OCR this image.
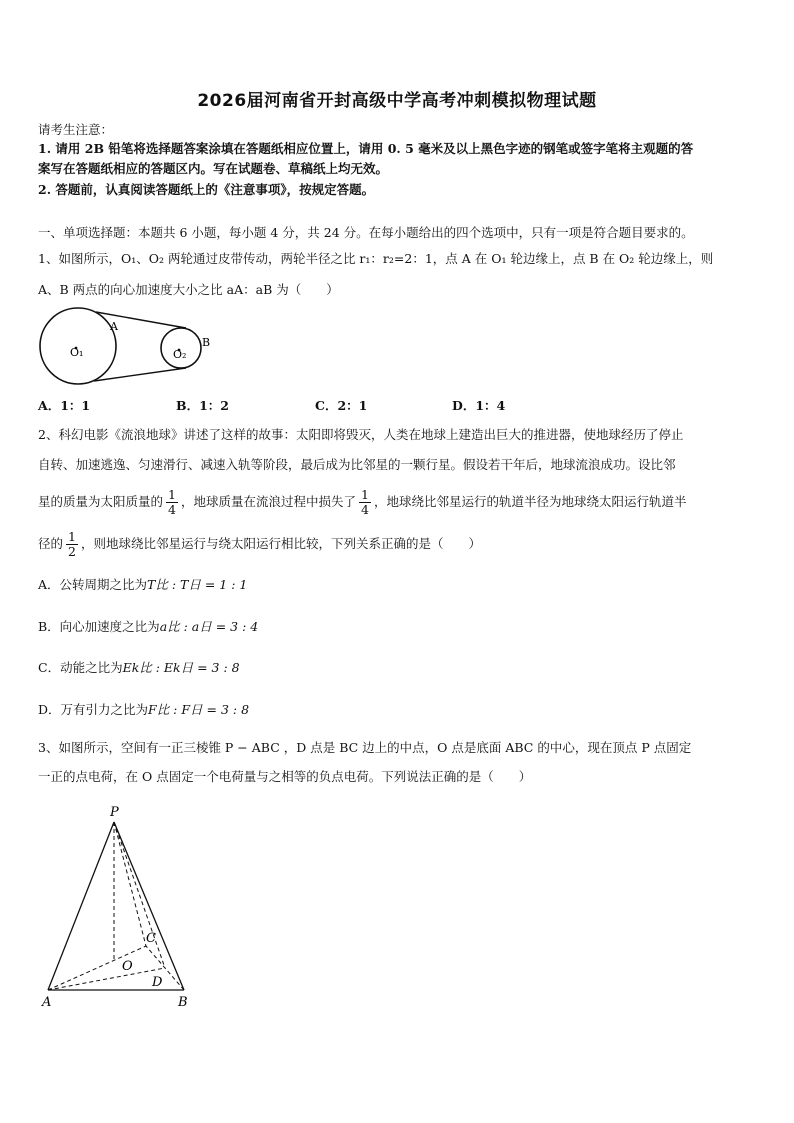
2026届河南省开封高级中学高考冲刺模拟物理试题
请考生注意：
1. 请用 2B 铅笔将选择题答案涂填在答题纸相应位置上，请用 0. 5 毫米及以上黑色字迹的钢笔或签字笔将主观题的答
案写在答题纸相应的答题区内。写在试题卷、草稿纸上均无效。
2. 答题前，认真阅读答题纸上的《注意事项》，按规定答题。
一、单项选择题：本题共 6 小题，每小题 4 分，共 24 分。在每小题给出的四个选项中，只有一项是符合题目要求的。
1、如图所示，O₁、O₂ 两轮通过皮带传动，两轮半径之比 r₁：r₂=2：1，点 A 在 O₁ 轮边缘上，点 B 在 O₂ 轮边缘上，则
A、B 两点的向心加速度大小之比 aA：aB 为（　　）
O₁	O₂
A
B
A．1：1	B．1：2	C．2：1	D．1：4
2、科幻电影《流浪地球》讲述了这样的故事：太阳即将毁灭，人类在地球上建造出巨大的推进器，使地球经历了停止
自转、加速逃逸、匀速滑行、减速入轨等阶段，最后成为比邻星的一颗行星。假设若干年后，地球流浪成功。设比邻
星的质量为太阳质量的 $\frac{1}{4}$ ，地球质量在流浪过程中损失了 $\frac{1}{4}$ ，地球绕比邻星运行的轨道半径为地球绕太阳运行轨道半
径的 $\frac{1}{2}$ ，则地球绕比邻星运行与绕太阳运行相比较，下列关系正确的是（　　）
A．公转周期之比为T比 : T日 = 1 : 1
B．向心加速度之比为a比 : a日 = 3 : 4
C．动能之比为Ek比 : Ek日 = 3 : 8
D．万有引力之比为F比 : F日 = 3 : 8
3、如图所示，空间有一正三棱锥 P − ABC ，D 点是 BC 边上的中点，O 点是底面 ABC 的中心，现在顶点 P 点固定
一正的点电荷，在 O 点固定一个电荷量与之相等的负点电荷。下列说法正确的是（　　）
P
A	B
C
O
D
